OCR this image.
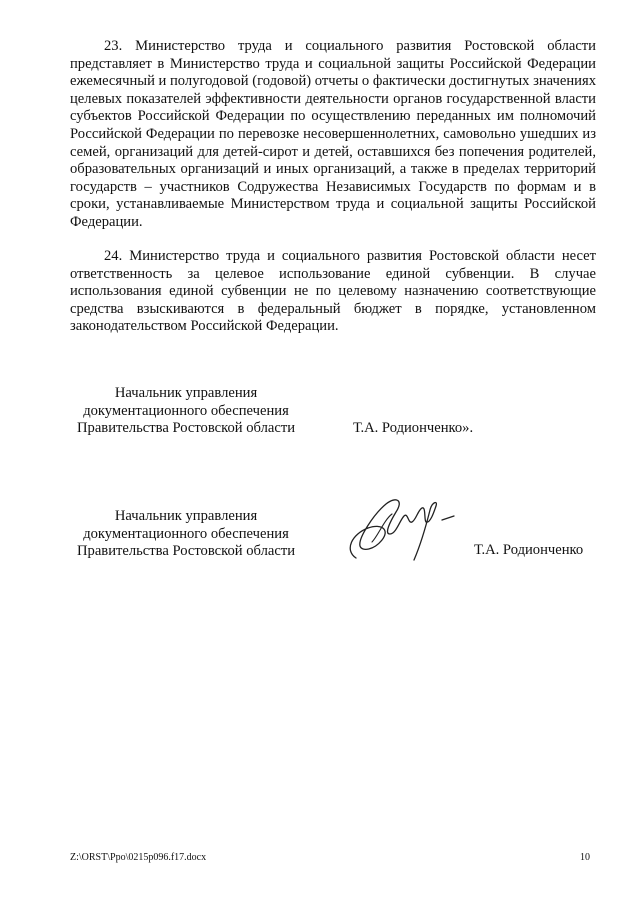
23. Министерство труда и социального развития Ростовской области представляет в Министерство труда и социальной защиты Российской Федерации ежемесячный и полугодовой (годовой) отчеты о фактически достигнутых значениях целевых показателей эффективности деятельности органов государственной власти субъектов Российской Федерации по осуществлению переданных им полномочий Российской Федерации по перевозке несовершеннолетних, самовольно ушедших из семей, организаций для детей-сирот и детей, оставшихся без попечения родителей, образовательных организаций и иных организаций, а также в пределах территорий государств – участников Содружества Независимых Государств по формам и в сроки, устанавливаемые Министерством труда и социальной защиты Российской Федерации.

24. Министерство труда и социального развития Ростовской области несет ответственность за целевое использование единой субвенции. В случае использования единой субвенции не по целевому назначению соответствующие средства взыскиваются в федеральный бюджет в порядке, установленном законодательством Российской Федерации.

Начальник управления
документационного обеспечения
Правительства Ростовской области	Т.А. Родионченко».
Начальник управления
документационного обеспечения
Правительства Ростовской области	Т.А. Родионченко
Z:\ORST\Ppo\0215p096.f17.docx	10
